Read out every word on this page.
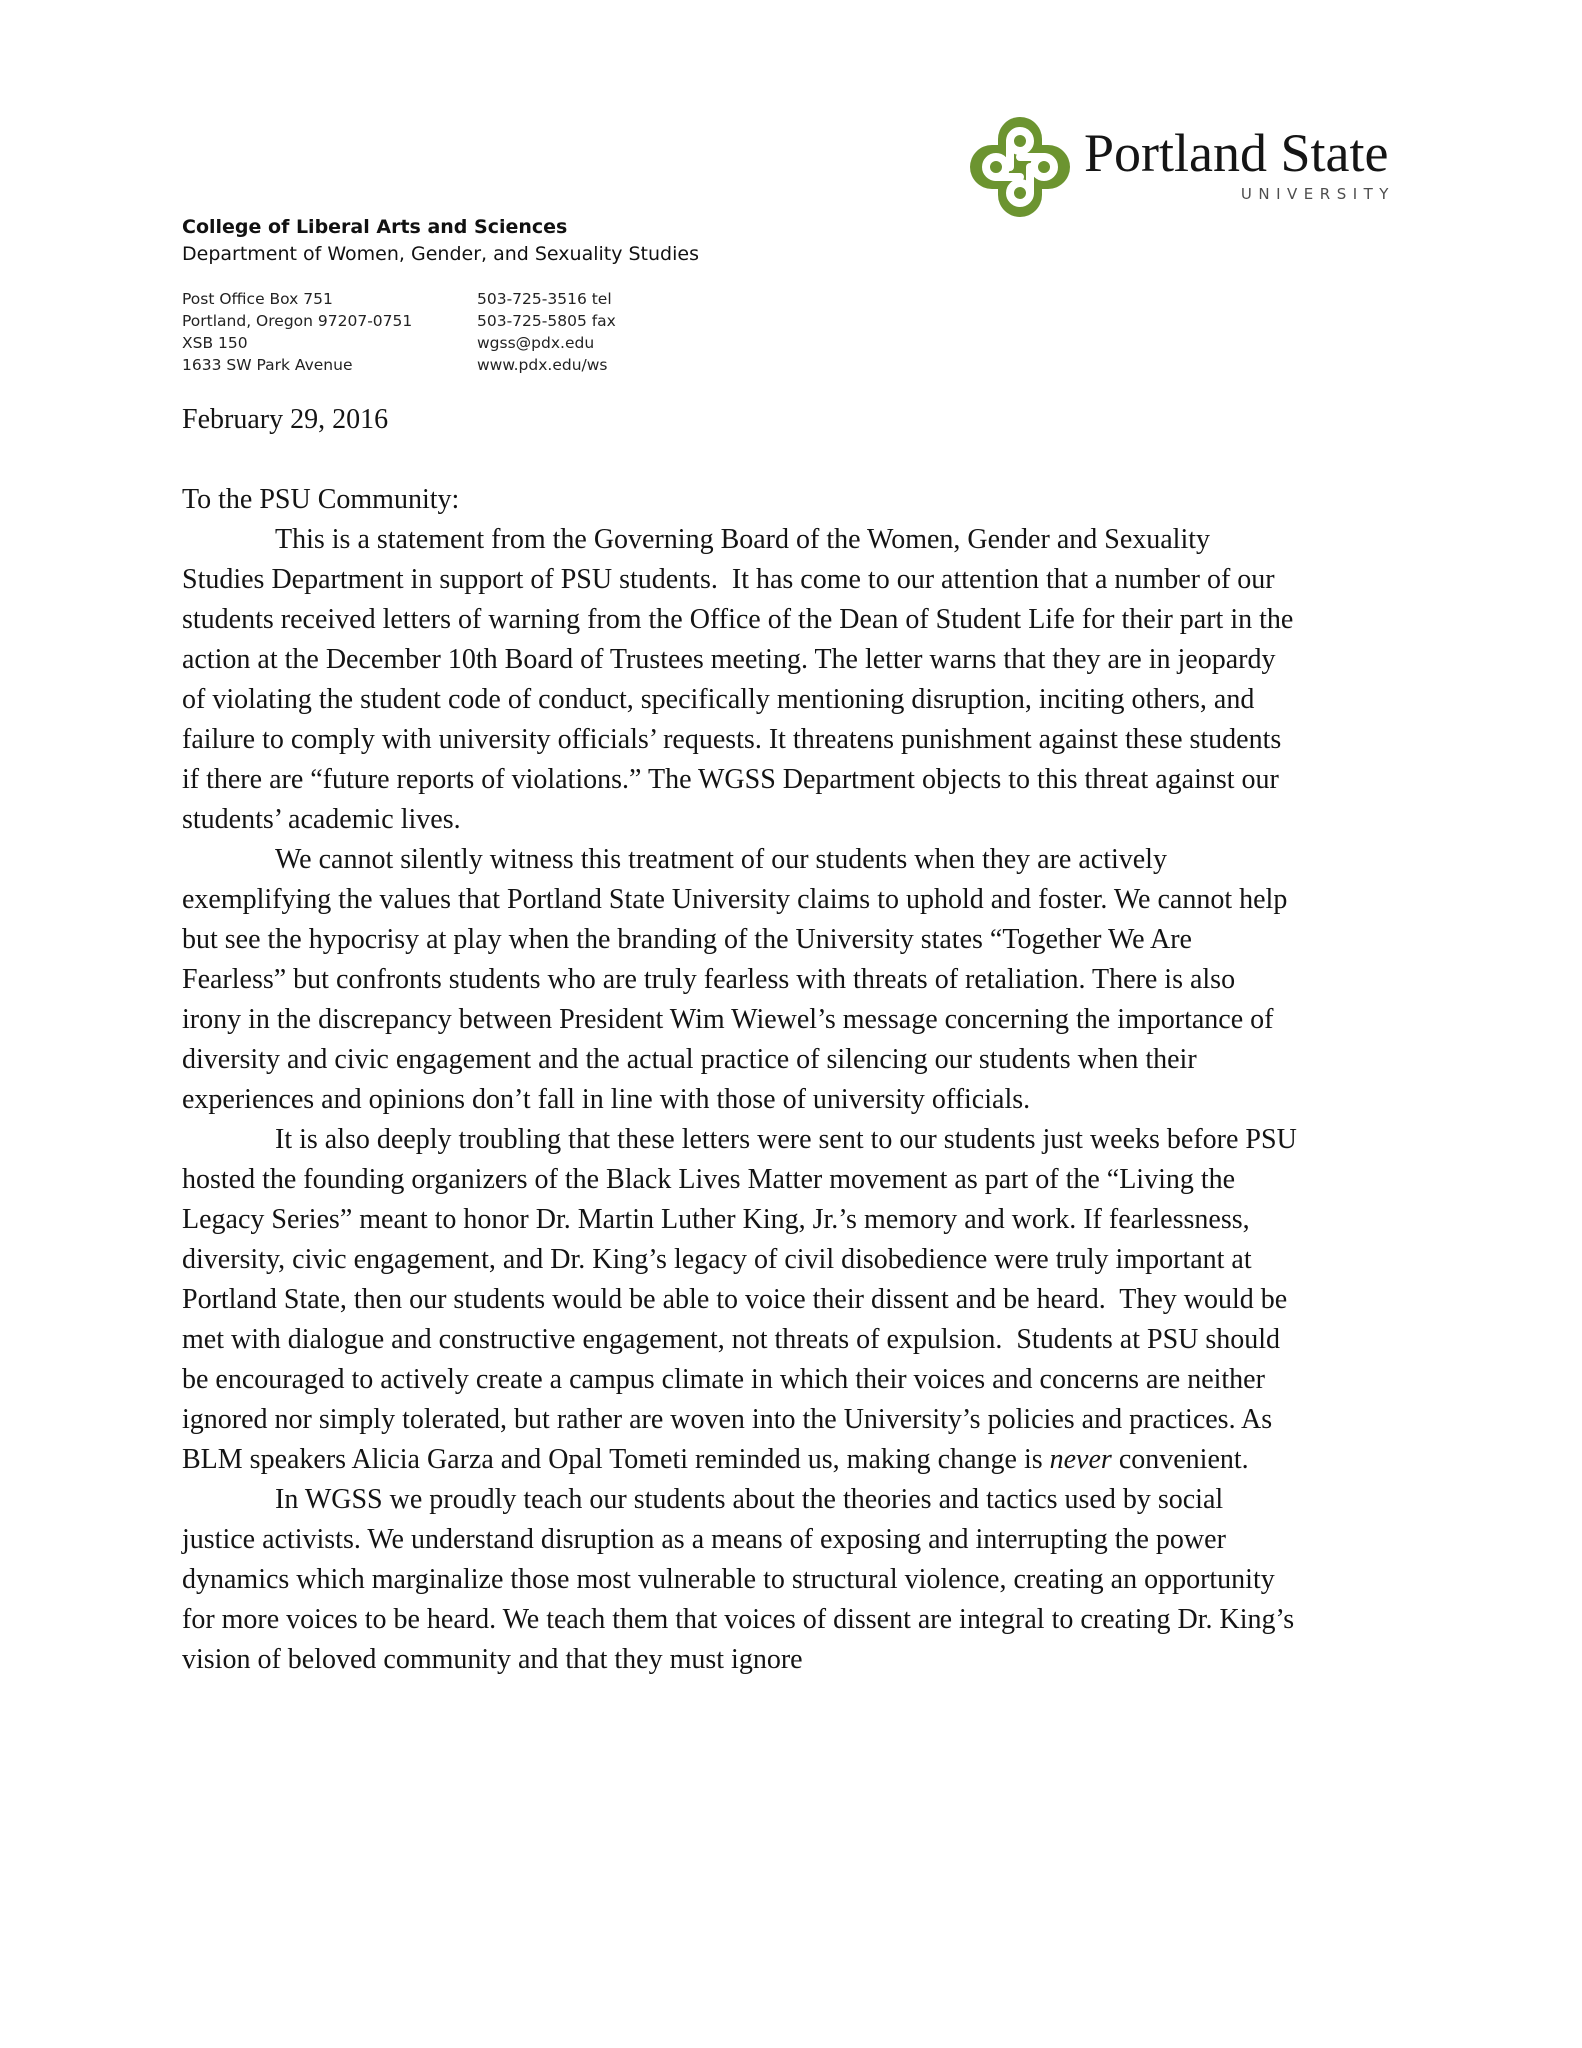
Portland State
UNIVERSITY
College of Liberal Arts and Sciences
Department of Women, Gender, and Sexuality Studies
Post Office Box 751
Portland, Oregon 97207-0751
XSB 150
1633 SW Park Avenue
503-725-3516 tel
503-725-5805 fax
wgss@pdx.edu
www.pdx.edu/ws
February 29, 2016
To the PSU Community:

This is a statement from the Governing Board of the Women, Gender and Sexuality Studies Department in support of PSU students.  It has come to our attention that a number of our students received letters of warning from the Office of the Dean of Student Life for their part in the action at the December 10th Board of Trustees meeting. The letter warns that they are in jeopardy of violating the student code of conduct, specifically mentioning disruption, inciting others, and failure to comply with university officials’ requests. It threatens punishment against these students if there are “future reports of violations.” The WGSS Department objects to this threat against our students’ academic lives.

We cannot silently witness this treatment of our students when they are actively exemplifying the values that Portland State University claims to uphold and foster. We cannot help but see the hypocrisy at play when the branding of the University states “Together We Are Fearless” but confronts students who are truly fearless with threats of retaliation. There is also irony in the discrepancy between President Wim Wiewel’s message concerning the importance of diversity and civic engagement and the actual practice of silencing our students when their experiences and opinions don’t fall in line with those of university officials.

It is also deeply troubling that these letters were sent to our students just weeks before PSU hosted the founding organizers of the Black Lives Matter movement as part of the “Living the Legacy Series” meant to honor Dr. Martin Luther King, Jr.’s memory and work. If fearlessness, diversity, civic engagement, and Dr. King’s legacy of civil disobedience were truly important at Portland State, then our students would be able to voice their dissent and be heard.  They would be met with dialogue and constructive engagement, not threats of expulsion.  Students at PSU should be encouraged to actively create a campus climate in which their voices and concerns are neither ignored nor simply tolerated, but rather are woven into the University’s policies and practices. As BLM speakers Alicia Garza and Opal Tometi reminded us, making change is never convenient.

In WGSS we proudly teach our students about the theories and tactics used by social justice activists. We understand disruption as a means of exposing and interrupting the power dynamics which marginalize those most vulnerable to structural violence, creating an opportunity for more voices to be heard. We teach them that voices of dissent are integral to creating Dr. King’s vision of beloved community and that they must ignore
